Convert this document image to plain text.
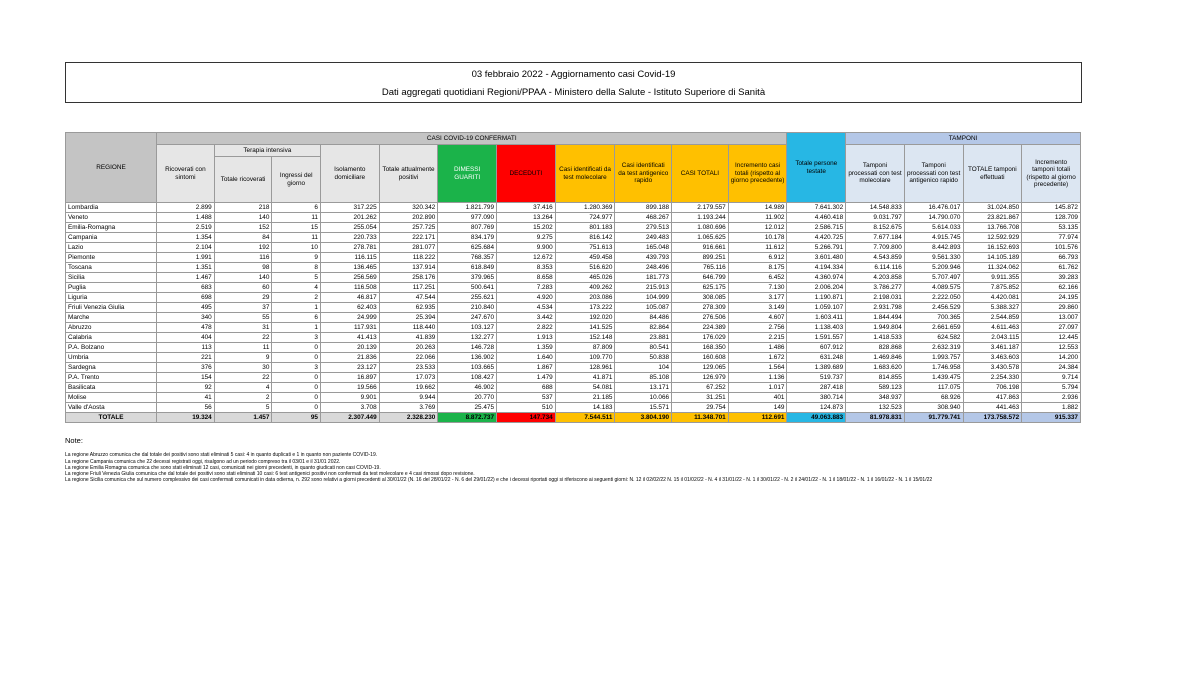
03 febbraio 2022 - Aggiornamento casi Covid-19
Dati aggregati quotidiani Regioni/PPAA - Ministero della Salute - Istituto Superiore di Sanità
REGIONE	CASI COVID-19 CONFERMATI											Totale persone testate	TAMPONI			
	Ricoverati con sintomi	Terapia intensiva		Isolamento domiciliare	Totale attualmente positivi	DIMESSI GUARITI	DECEDUTI	Casi identificati da test molecolare	Casi identificati da test antigenico rapido	CASI TOTALI	Incremento casi totali (rispetto al giorno precedente)		Tamponi processati con test molecolare	Tamponi processati con test antigenico rapido	TOTALE tamponi effettuati	Incremento tamponi totali (rispetto al giorno precedente)
		Totale ricoverati	Ingressi del giorno													
Lombardia	2.899	218	6	317.225	320.342	1.821.799	37.416	1.280.369	899.188	2.179.557	14.989	7.641.302	14.548.833	16.476.017	31.024.850	145.872
Veneto	1.488	140	11	201.262	202.890	977.090	13.264	724.977	468.267	1.193.244	11.902	4.460.418	9.031.797	14.790.070	23.821.867	128.709
Emilia-Romagna	2.519	152	15	255.054	257.725	807.769	15.202	801.183	279.513	1.080.696	12.012	2.586.715	8.152.675	5.614.033	13.766.708	53.135
Campania	1.354	84	11	220.733	222.171	834.179	9.275	816.142	249.483	1.065.625	10.178	4.420.725	7.677.184	4.915.745	12.592.929	77.974
Lazio	2.104	192	10	278.781	281.077	625.684	9.900	751.613	165.048	916.661	11.612	5.266.791	7.709.800	8.442.893	16.152.693	101.576
Piemonte	1.991	116	9	116.115	118.222	768.357	12.672	459.458	439.793	899.251	6.912	3.601.480	4.543.859	9.561.330	14.105.189	66.793
Toscana	1.351	98	8	136.465	137.914	618.849	8.353	516.620	248.496	765.116	8.175	4.194.334	6.114.116	5.209.946	11.324.062	61.762
Sicilia	1.467	140	5	256.569	258.176	379.965	8.658	465.026	181.773	646.799	6.452	4.360.974	4.203.858	5.707.497	9.911.355	39.283
Puglia	683	60	4	116.508	117.251	500.641	7.283	409.262	215.913	625.175	7.130	2.006.204	3.786.277	4.089.575	7.875.852	62.166
Liguria	698	29	2	46.817	47.544	255.621	4.920	203.086	104.999	308.085	3.177	1.190.871	2.198.031	2.222.050	4.420.081	24.195
Friuli Venezia Giulia	495	37	1	62.403	62.935	210.840	4.534	173.222	105.087	278.309	3.149	1.059.107	2.931.798	2.456.529	5.388.327	29.860
Marche	340	55	6	24.999	25.394	247.670	3.442	192.020	84.486	276.506	4.607	1.603.411	1.844.494	700.365	2.544.859	13.007
Abruzzo	478	31	1	117.931	118.440	103.127	2.822	141.525	82.864	224.389	2.756	1.138.403	1.949.804	2.661.659	4.611.463	27.097
Calabria	404	22	3	41.413	41.839	132.277	1.913	152.148	23.881	176.029	2.215	1.591.557	1.418.533	624.582	2.043.115	12.445
P.A. Bolzano	113	11	0	20.139	20.263	146.728	1.359	87.809	80.541	168.350	1.486	607.912	828.868	2.632.319	3.461.187	12.553
Umbria	221	9	0	21.836	22.066	136.902	1.640	109.770	50.838	160.608	1.672	631.248	1.469.846	1.993.757	3.463.603	14.200
Sardegna	376	30	3	23.127	23.533	103.665	1.867	128.961	104	129.065	1.564	1.389.689	1.683.620	1.746.958	3.430.578	24.384
P.A. Trento	154	22	0	16.897	17.073	108.427	1.479	41.871	85.108	126.979	1.136	519.737	814.855	1.439.475	2.254.330	9.714
Basilicata	92	4	0	19.566	19.662	46.902	688	54.081	13.171	67.252	1.017	287.418	589.123	117.075	706.198	5.794
Molise	41	2	0	9.901	9.944	20.770	537	21.185	10.066	31.251	401	380.714	348.937	68.926	417.863	2.936
Valle d'Aosta	56	5	0	3.708	3.769	25.475	510	14.183	15.571	29.754	149	124.873	132.523	308.940	441.463	1.882
TOTALE	19.324	1.457	95	2.307.449	2.328.230	8.872.737	147.734	7.544.511	3.804.190	11.348.701	112.691	49.063.883	81.978.831	91.779.741	173.758.572	915.337
Note:
La regione Abruzzo comunica che dal totale dei positivi sono stati eliminati 5 casi: 4 in quanto duplicati e 1 in quanto non paziente COVID-19.
La regione Campania comunica che 22 decessi registrati oggi, risalgono ad un periodo compreso tra il 03/01 e il 31/01 2022.
La regione Emilia Romagna comunica che sono stati eliminati 12 casi, comunicati nei giorni precedenti, in quanto giudicati non casi COVID-19.
La regione Friuli Venezia Giulia comunica che dal totale dei positivi sono stati eliminati 10 casi: 6 test antigenici positivi non confermati da test molecolare e 4 casi rimossi dopo revisione.
La regione Sicilia comunica che sul numero complessivo dei casi confermati comunicati in data odierna, n. 292 sono relativi a giorni precedenti al 30/01/22 (N. 16 del 28/01/22 - N. 6 del 29/01/22) e che i decessi riportati oggi si riferiscono ai seguenti giorni: N. 12 il 02/02/22 N. 15 il 01/02/22 - N. 4 il 31/01/22 - N. 1 il 30/01/22 - N. 2 il 24/01/22 - N. 1 il 18/01/22 - N. 1 il 16/01/22 - N. 1 il 15/01/22
